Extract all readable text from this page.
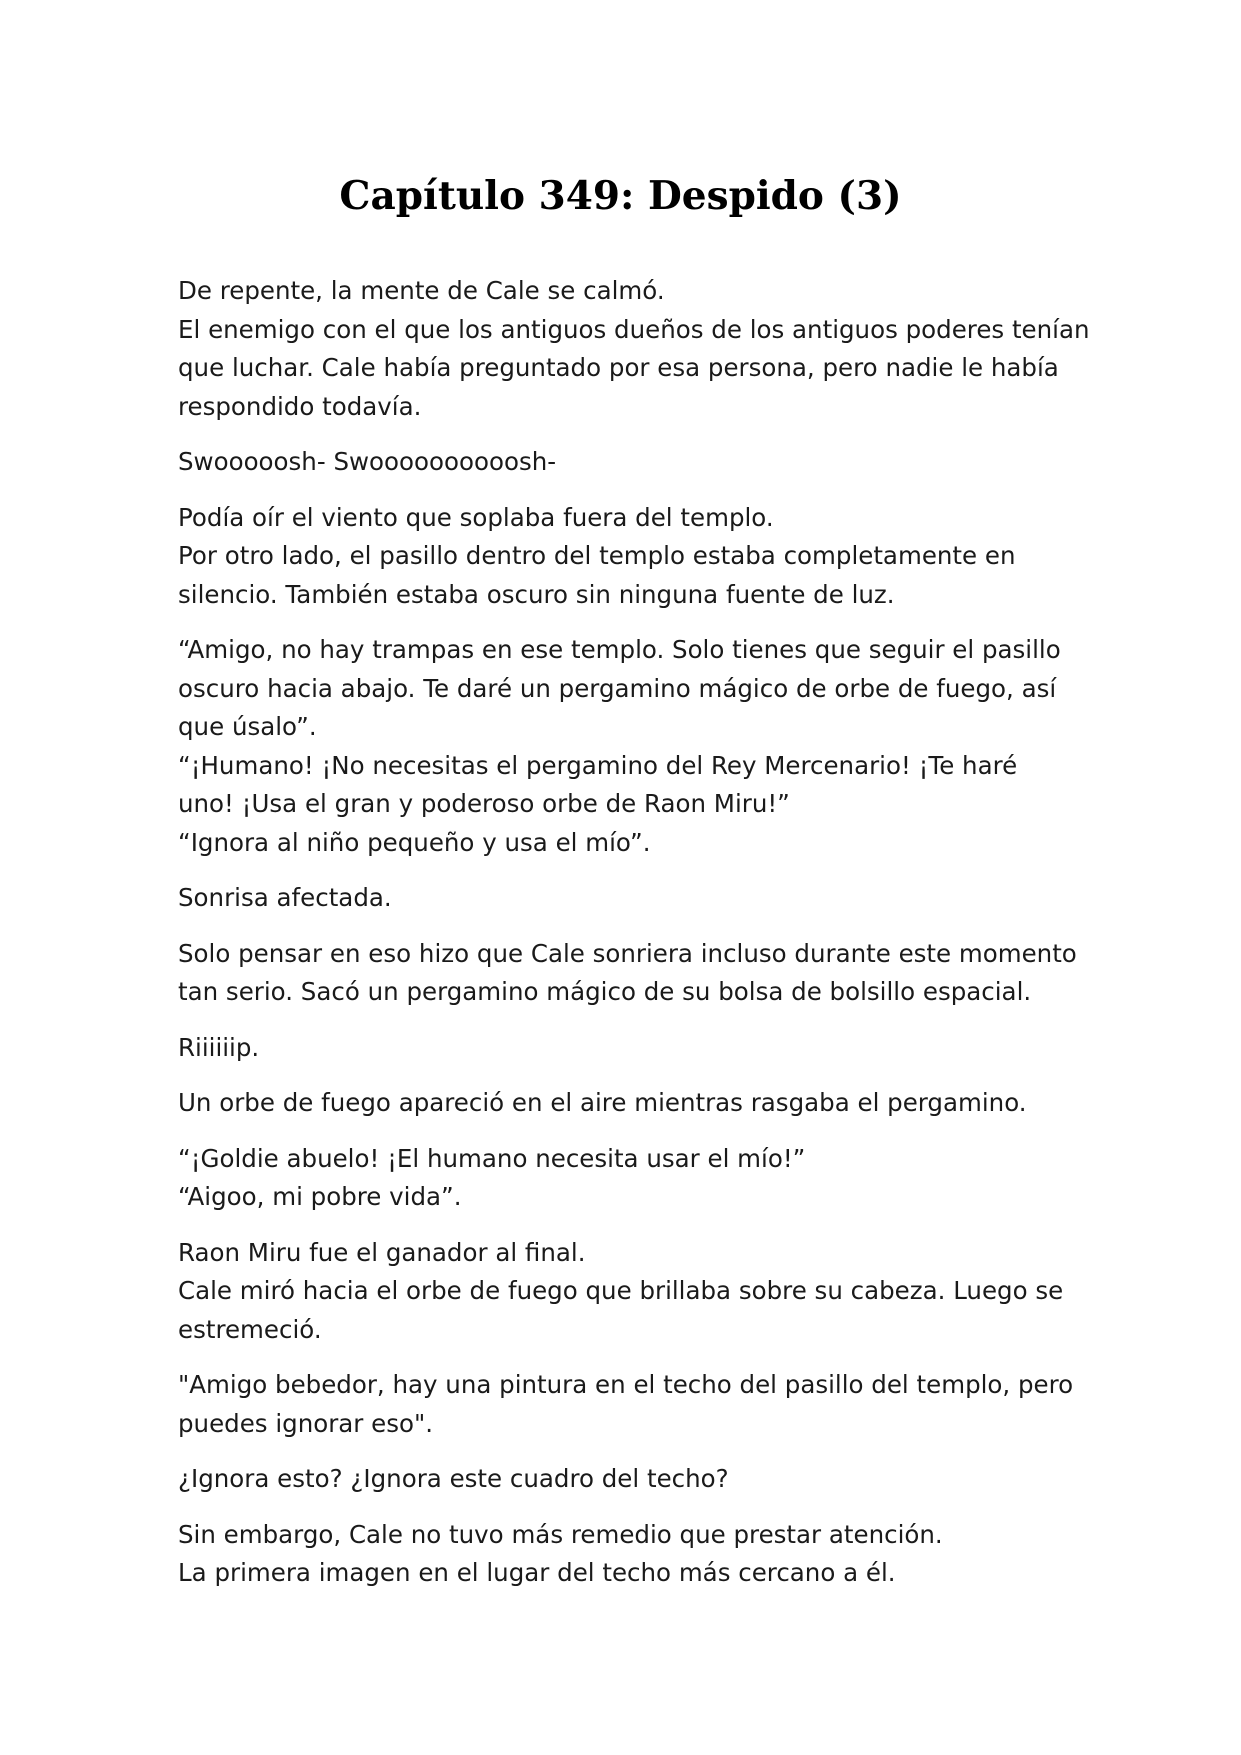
Capítulo 349: Despido (3)

De repente, la mente de Cale se calmó.
El enemigo con el que los antiguos dueños de los antiguos poderes tenían
que luchar. Cale había preguntado por esa persona, pero nadie le había
respondido todavía.

Swooooosh- Swoooooooooosh-

Podía oír el viento que soplaba fuera del templo.
Por otro lado, el pasillo dentro del templo estaba completamente en
silencio. También estaba oscuro sin ninguna fuente de luz.

“Amigo, no hay trampas en ese templo. Solo tienes que seguir el pasillo
oscuro hacia abajo. Te daré un pergamino mágico de orbe de fuego, así
que úsalo”.
“¡Humano! ¡No necesitas el pergamino del Rey Mercenario! ¡Te haré
uno! ¡Usa el gran y poderoso orbe de Raon Miru!”
“Ignora al niño pequeño y usa el mío”.

Sonrisa afectada.

Solo pensar en eso hizo que Cale sonriera incluso durante este momento
tan serio. Sacó un pergamino mágico de su bolsa de bolsillo espacial.

Riiiiiip.

Un orbe de fuego apareció en el aire mientras rasgaba el pergamino.

“¡Goldie abuelo! ¡El humano necesita usar el mío!”
“Aigoo, mi pobre vida”.

Raon Miru fue el ganador al final.
Cale miró hacia el orbe de fuego que brillaba sobre su cabeza. Luego se
estremeció.

"Amigo bebedor, hay una pintura en el techo del pasillo del templo, pero
puedes ignorar eso".

¿Ignora esto? ¿Ignora este cuadro del techo?

Sin embargo, Cale no tuvo más remedio que prestar atención.
La primera imagen en el lugar del techo más cercano a él.
